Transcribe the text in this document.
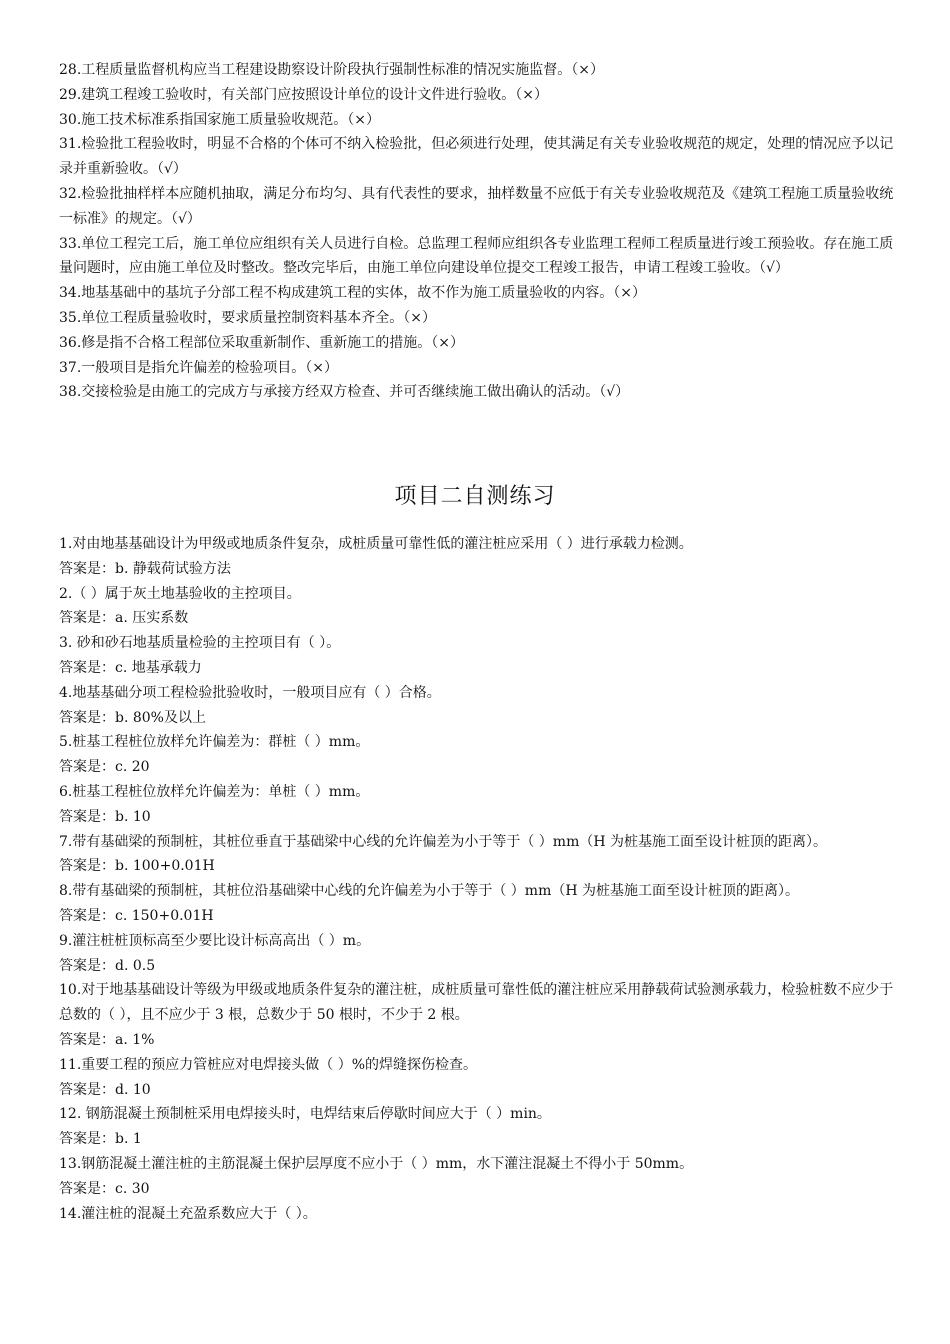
28.工程质量监督机构应当工程建设勘察设计阶段执行强制性标准的情况实施监督。（×）

29.建筑工程竣工验收时，有关部门应按照设计单位的设计文件进行验收。（×）

30.施工技术标准系指国家施工质量验收规范。（×）

31.检验批工程验收时，明显不合格的个体可不纳入检验批，但必须进行处理，使其满足有关专业验收规范的规定，处理的情况应予以记录并重新验收。（√）

32.检验批抽样样本应随机抽取，满足分布均匀、具有代表性的要求，抽样数量不应低于有关专业验收规范及《建筑工程施工质量验收统一标准》的规定。（√）

33.单位工程完工后，施工单位应组织有关人员进行自检。总监理工程师应组织各专业监理工程师工程质量进行竣工预验收。存在施工质量问题时，应由施工单位及时整改。整改完毕后，由施工单位向建设单位提交工程竣工报告，申请工程竣工验收。（√）

34.地基基础中的基坑子分部工程不构成建筑工程的实体，故不作为施工质量验收的内容。（×）

35.单位工程质量验收时，要求质量控制资料基本齐全。（×）

36.修是指不合格工程部位采取重新制作、重新施工的措施。（×）

37.一般项目是指允许偏差的检验项目。（×）

38.交接检验是由施工的完成方与承接方经双方检查、并可否继续施工做出确认的活动。（√）

项目二自测练习

1.对由地基基础设计为甲级或地质条件复杂，成桩质量可靠性低的灌注桩应采用（ ）进行承载力检测。

答案是：b. 静载荷试验方法

2.（ ）属于灰土地基验收的主控项目。

答案是：a. 压实系数

3. 砂和砂石地基质量检验的主控项目有（ ）。

答案是：c. 地基承载力

4.地基基础分项工程检验批验收时，一般项目应有（ ）合格。

答案是：b. 80%及以上

5.桩基工程桩位放样允许偏差为：群桩（ ）mm。

答案是：c. 20

6.桩基工程桩位放样允许偏差为：单桩（ ）mm。

答案是：b. 10

7.带有基础梁的预制桩，其桩位垂直于基础梁中心线的允许偏差为小于等于（ ）mm（H 为桩基施工面至设计桩顶的距离）。

答案是：b. 100+0.01H

8.带有基础梁的预制桩，其桩位沿基础梁中心线的允许偏差为小于等于（ ）mm（H 为桩基施工面至设计桩顶的距离）。

答案是：c. 150+0.01H

9.灌注桩桩顶标高至少要比设计标高高出（ ）m。

答案是：d. 0.5

10.对于地基基础设计等级为甲级或地质条件复杂的灌注桩，成桩质量可靠性低的灌注桩应采用静载荷试验测承载力，检验桩数不应少于总数的（ ），且不应少于 3 根，总数少于 50 根时，不少于 2 根。

答案是：a. 1%

11.重要工程的预应力管桩应对电焊接头做（ ）%的焊缝探伤检查。

答案是：d. 10

12. 钢筋混凝土预制桩采用电焊接头时，电焊结束后停歇时间应大于（ ）min。

答案是：b. 1

13.钢筋混凝土灌注桩的主筋混凝土保护层厚度不应小于（ ）mm，水下灌注混凝土不得小于 50mm。

答案是：c. 30

14.灌注桩的混凝土充盈系数应大于（ ）。
